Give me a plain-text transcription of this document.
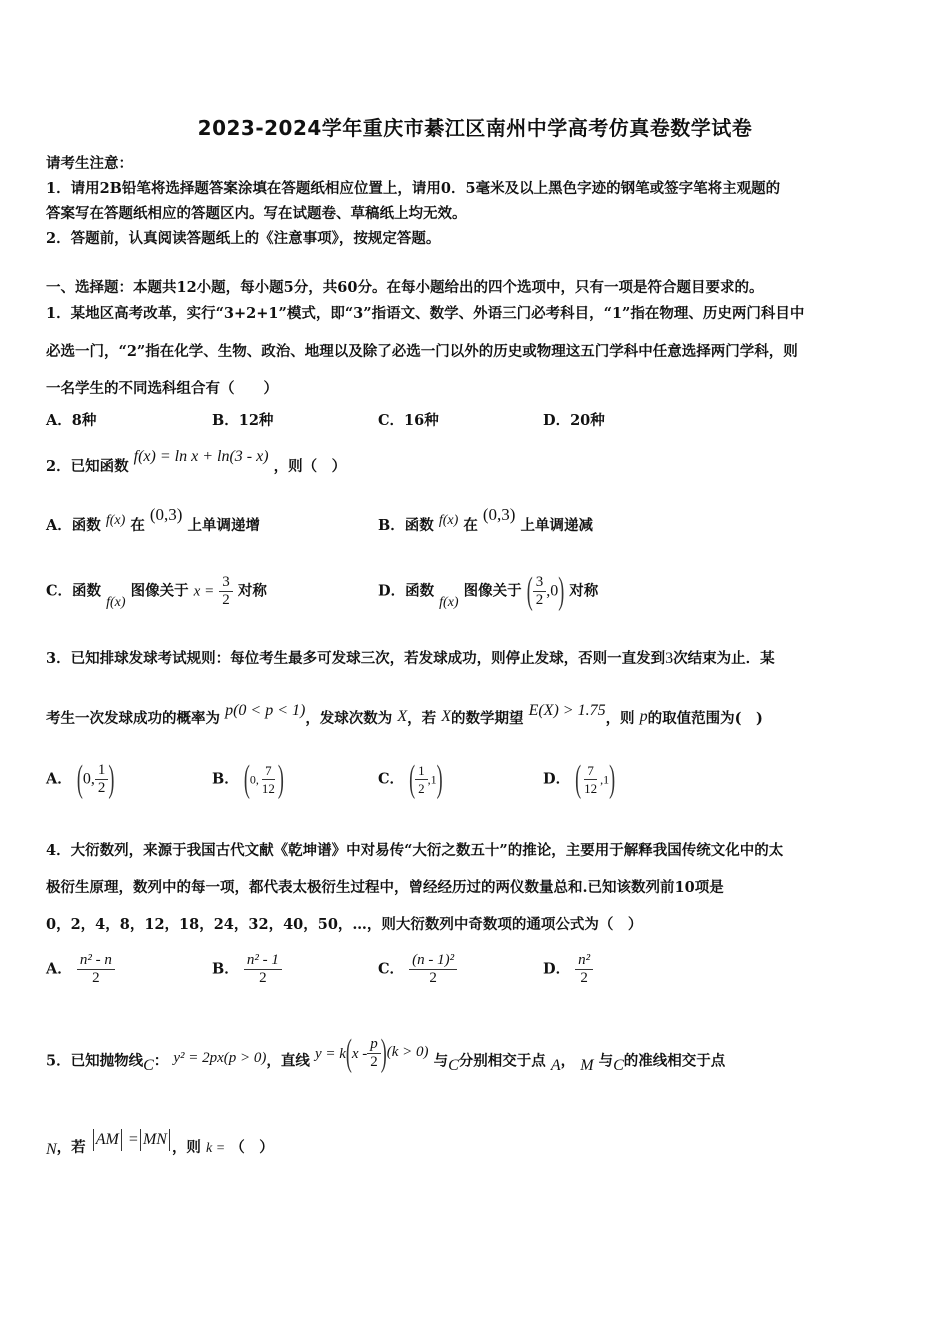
2023-2024学年重庆市綦江区南州中学高考仿真卷数学试卷
请考生注意：
1．请用2B铅笔将选择题答案涂填在答题纸相应位置上，请用0．5毫米及以上黑色字迹的钢笔或签字笔将主观题的
答案写在答题纸相应的答题区内。写在试题卷、草稿纸上均无效。
2．答题前，认真阅读答题纸上的《注意事项》，按规定答题。
一、选择题：本题共12小题，每小题5分，共60分。在每小题给出的四个选项中，只有一项是符合题目要求的。
1．某地区高考改革，实行“3+2+1”模式，即“3”指语文、数学、外语三门必考科目，“1”指在物理、历史两门科目中
必选一门，“2”指在化学、生物、政治、地理以及除了必选一门以外的历史或物理这五门学科中任意选择两门学科，则
一名学生的不同选科组合有（　　）
A．8种	B．12种	C．16种	D．20种
2．已知函数 f(x) = ln x + ln(3 - x) ，则（　）
A．函数 f(x) 在 (0,3) 上单调递增	B．函数 f(x) 在 (0,3) 上单调递减
C．函数 f(x) 图像关于 $x = \frac{3}{2}$ 对称	D．函数 f(x) 图像关于 ( $\frac{3}{2} ,0$) 对称
3．已知排球发球考试规则：每位考生最多可发球三次，若发球成功，则停止发球，否则一直发到3次结束为止．某
考生一次发球成功的概率为 p(0 < p < 1)，发球次数为 X，若 X的数学期望 E(X) > 1.75，则 p的取值范围为(　)
A． (0, $\frac{1}{2}$ )	B． (0, $\frac{7}{12}$ )	C． ( $\frac{1}{2} ,1$)	D． ( $\frac{7}{12} ,1$)
4．大衍数列，来源于我国古代文献《乾坤谱》中对易传“大衍之数五十”的推论，主要用于解释我国传统文化中的太
极衍生原理，数列中的每一项，都代表太极衍生过程中，曾经经历过的两仪数量总和.已知该数列前10项是
0，2，4，8，12，18，24，32，40，50，…，则大衍数列中奇数项的通项公式为（　）
A． $\frac{\text{n² - n}}{2}$	B． $\frac{\text{n² - 1}}{2}$	C． $\frac{\text{(n - 1)²}}{2}$	D． $\frac{\text{n²}}{2}$
5．已知抛物线C： y² = 2px(p > 0)，直线 $y = k(x - \frac{p}{2} )(k > 0)$ 与C分别相交于点 A， M 与C的准线相交于点
N，若 AM = MN ，则 k = （　）
